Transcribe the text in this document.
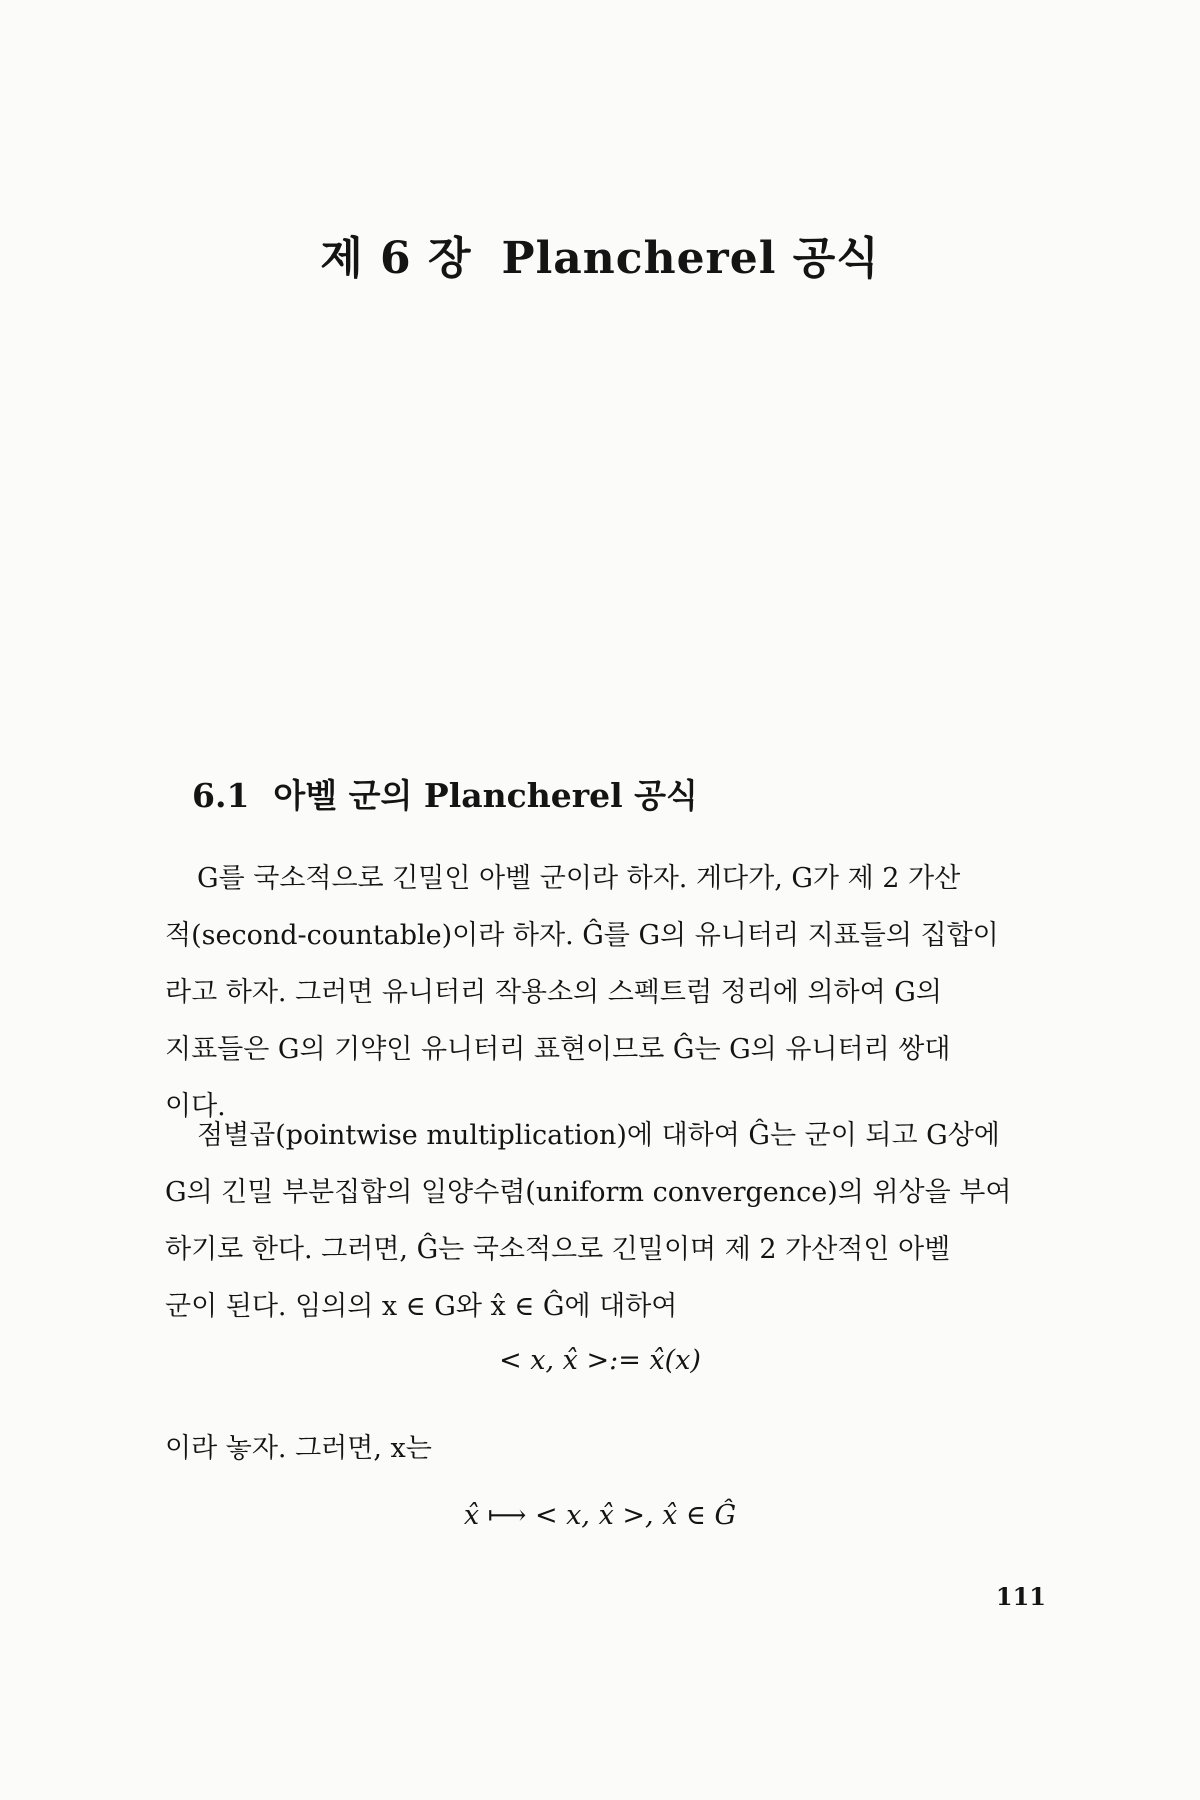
제 6 장 Plancherel 공식
6.1 아벨 군의 Plancherel 공식
G를 국소적으로 긴밀인 아벨 군이라 하자. 게다가, G가 제 2 가산
적(second-countable)이라 하자. Ĝ를 G의 유니터리 지표들의 집합이
라고 하자. 그러면 유니터리 작용소의 스펙트럼 정리에 의하여 G의
지표들은 G의 기약인 유니터리 표현이므로 Ĝ는 G의 유니터리 쌍대
이다.
점별곱(pointwise multiplication)에 대하여 Ĝ는 군이 되고 G상에
G의 긴밀 부분집합의 일양수렴(uniform convergence)의 위상을 부여
하기로 한다. 그러면, Ĝ는 국소적으로 긴밀이며 제 2 가산적인 아벨
군이 된다. 임의의 x ∈ G와 x̂ ∈ Ĝ에 대하여
< x, x̂ >:= x̂(x)
이라 놓자. 그러면, x는
x̂ ⟼ < x, x̂ >, x̂ ∈ Ĝ
111
